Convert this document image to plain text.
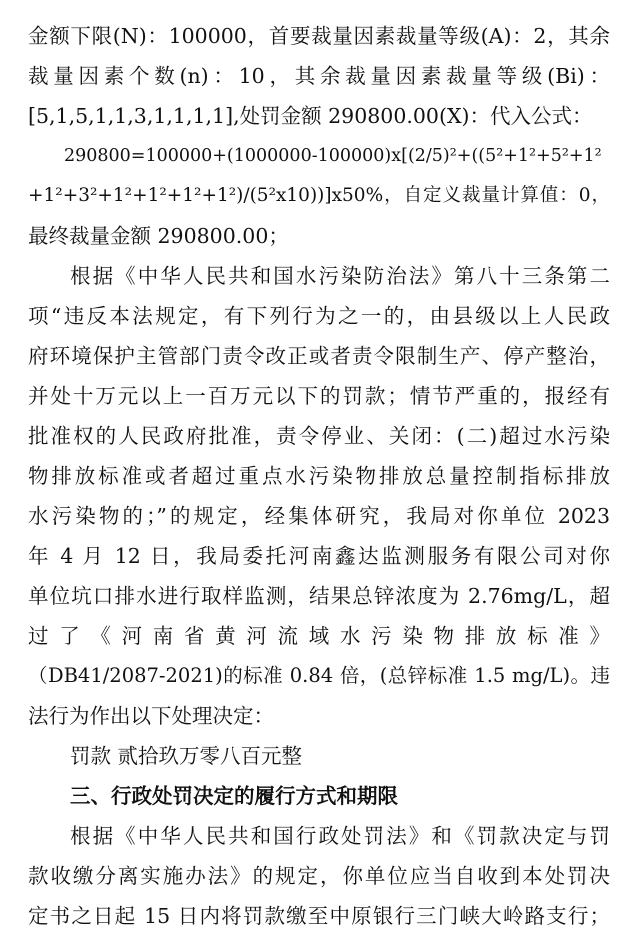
金额下限(N)：100000，首要裁量因素裁量等级(A)：2，其余
裁量因素个数(n)：10，其余裁量因素裁量等级(Bi)：
[5,1,5,1,1,3,1,1,1,1],处罚金额 290800.00(X)：代入公式：
290800=100000+(1000000-100000)x[(2/5)²+((5²+1²+5²+1²
+1²+3²+1²+1²+1²+1²)/(5²x10))]x50%，自定义裁量计算值：0，
最终裁量金额 290800.00；
根据《中华人民共和国水污染防治法》第八十三条第二
项“违反本法规定，有下列行为之一的，由县级以上人民政
府环境保护主管部门责令改正或者责令限制生产、停产整治，
并处十万元以上一百万元以下的罚款；情节严重的，报经有
批准权的人民政府批准，责令停业、关闭：(二)超过水污染
物排放标准或者超过重点水污染物排放总量控制指标排放
水污染物的；”的规定，经集体研究，我局对你单位 2023
年 4 月 12 日，我局委托河南鑫达监测服务有限公司对你
单位坑口排水进行取样监测，结果总锌浓度为 2.76mg/L，超
过了《河南省黄河流域水污染物排放标准》
（DB41/2087-2021)的标准 0.84 倍，(总锌标准 1.5 mg/L)。违
法行为作出以下处理决定：
罚款 贰拾玖万零八百元整
三、行政处罚决定的履行方式和期限
根据《中华人民共和国行政处罚法》和《罚款决定与罚
款收缴分离实施办法》的规定，你单位应当自收到本处罚决
定书之日起 15 日内将罚款缴至中原银行三门峡大岭路支行；
